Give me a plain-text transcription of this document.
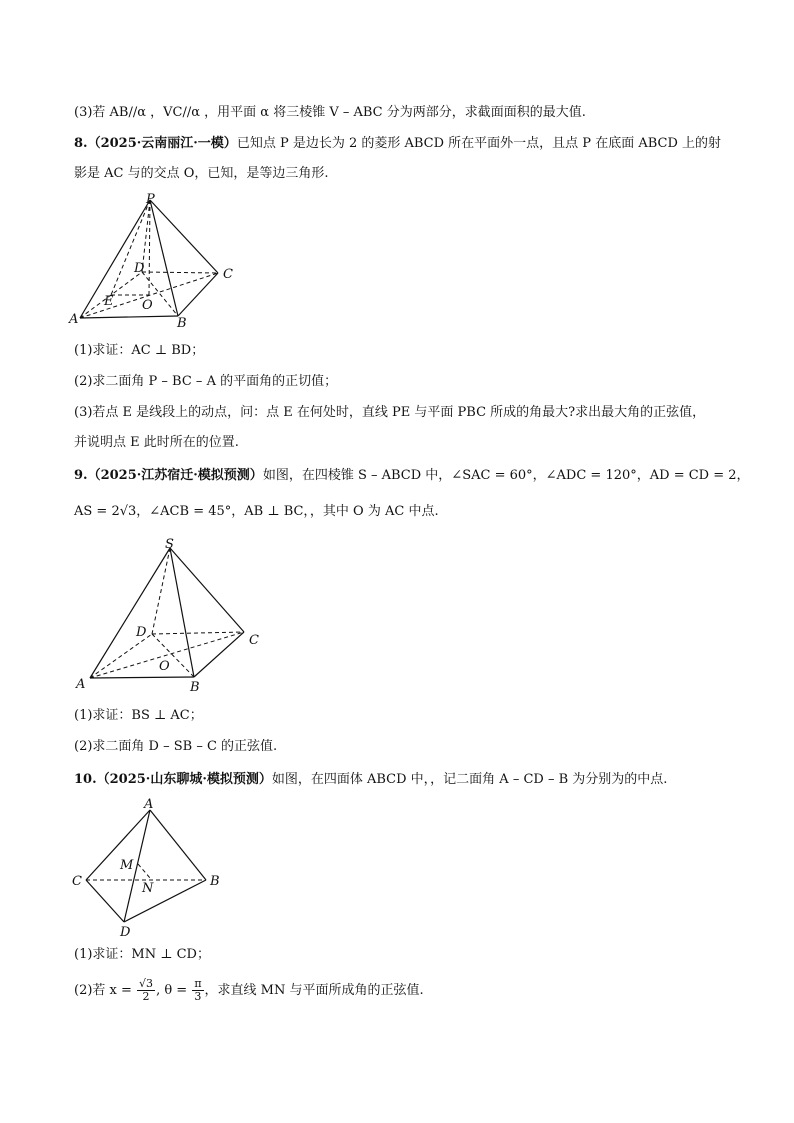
(3)若 AB//α ，VC//α ，用平面 α 将三棱锥 V – ABC 分为两部分，求截面面积的最大值.
8.（2025·云南丽江·一模）已知点 P 是边长为 2 的菱形 ABCD 所在平面外一点，且点 P 在底面 ABCD 上的射
影是 AC 与的交点 O，已知，是等边三角形.
P
D	C
E O
A	B
(1)求证：AC ⊥ BD；
(2)求二面角 P – BC – A 的平面角的正切值；
(3)若点 E 是线段上的动点，问：点 E 在何处时，直线 PE 与平面 PBC 所成的角最大?求出最大角的正弦值，
并说明点 E 此时所在的位置.
9.（2025·江苏宿迁·模拟预测）如图，在四棱锥 S – ABCD 中，∠SAC = 60°，∠ADC = 120°，AD = CD = 2，
AS = 2√3，∠ACB = 45°，AB ⊥ BC，，其中 O 为 AC 中点.
S
D
C
O
A	B
(1)求证：BS ⊥ AC；
(2)求二面角 D – SB – C 的正弦值.
10.（2025·山东聊城·模拟预测）如图，在四面体 ABCD 中，，记二面角 A – CD – B 为分别为的中点.
A
M
C	N	B
D
(1)求证：MN ⊥ CD；
(2)若 $x = \frac{√3}{2}$ , $\theta = \frac{\pi}{3}$ ，求直线 MN 与平面所成角的正弦值.
